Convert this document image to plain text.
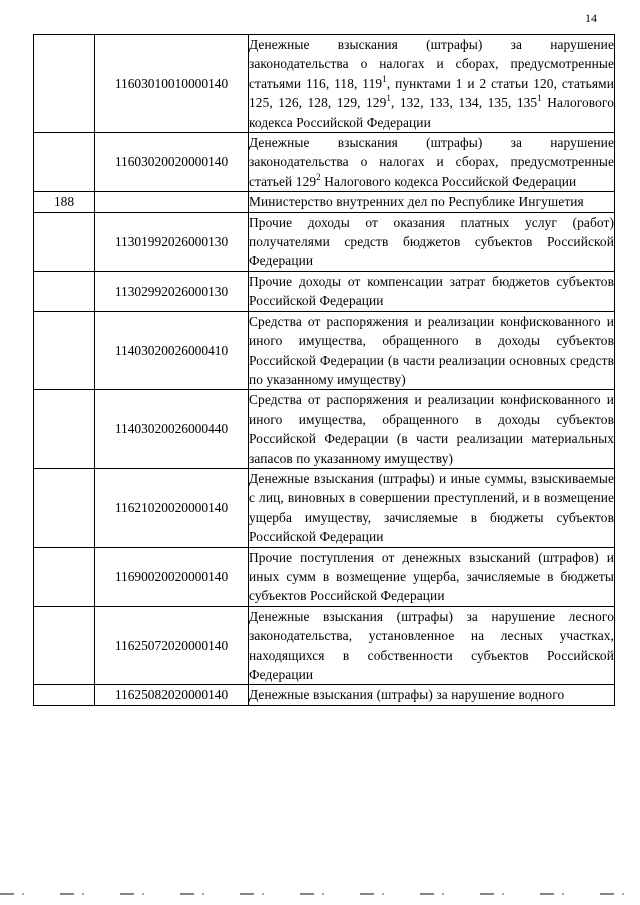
14
	11603010010000140	Денежные взыскания (штрафы) за нарушение законодательства о налогах и сборах, предусмотренные статьями 116, 118, $119^1$, пунктами 1 и 2 статьи 120, статьями 125, 126, 128, 129, $129^1$, 132, 133, 134, 135, $135^1$ Налогового кодекса Российской Федерации
	11603020020000140	Денежные взыскания (штрафы) за нарушение законодательства о налогах и сборах, предусмотренные статьей $129^2$ Налогового кодекса Российской Федерации
188		Министерство внутренних дел по Республике Ингушетия
	11301992026000130	Прочие доходы от оказания платных услуг (работ) получателями средств бюджетов субъектов Российской Федерации
	11302992026000130	Прочие доходы от компенсации затрат бюджетов субъектов Российской Федерации
	11403020026000410	Средства от распоряжения и реализации конфискованного и иного имущества, обращенного в доходы субъектов Российской Федерации (в части реализации основных средств по указанному имуществу)
	11403020026000440	Средства от распоряжения и реализации конфискованного и иного имущества, обращенного в доходы субъектов Российской Федерации (в части реализации материальных запасов по указанному имуществу)
	11621020020000140	Денежные взыскания (штрафы) и иные суммы, взыскиваемые с лиц, виновных в совершении преступлений, и в возмещение ущерба имуществу, зачисляемые в бюджеты субъектов Российской Федерации
	11690020020000140	Прочие поступления от денежных взысканий (штрафов) и иных сумм в возмещение ущерба, зачисляемые в бюджеты субъектов Российской Федерации
	11625072020000140	Денежные взыскания (штрафы) за нарушение лесного законодательства, установленное на лесных участках, находящихся в собственности субъектов Российской Федерации
	11625082020000140	Денежные взыскания (штрафы) за нарушение водного
